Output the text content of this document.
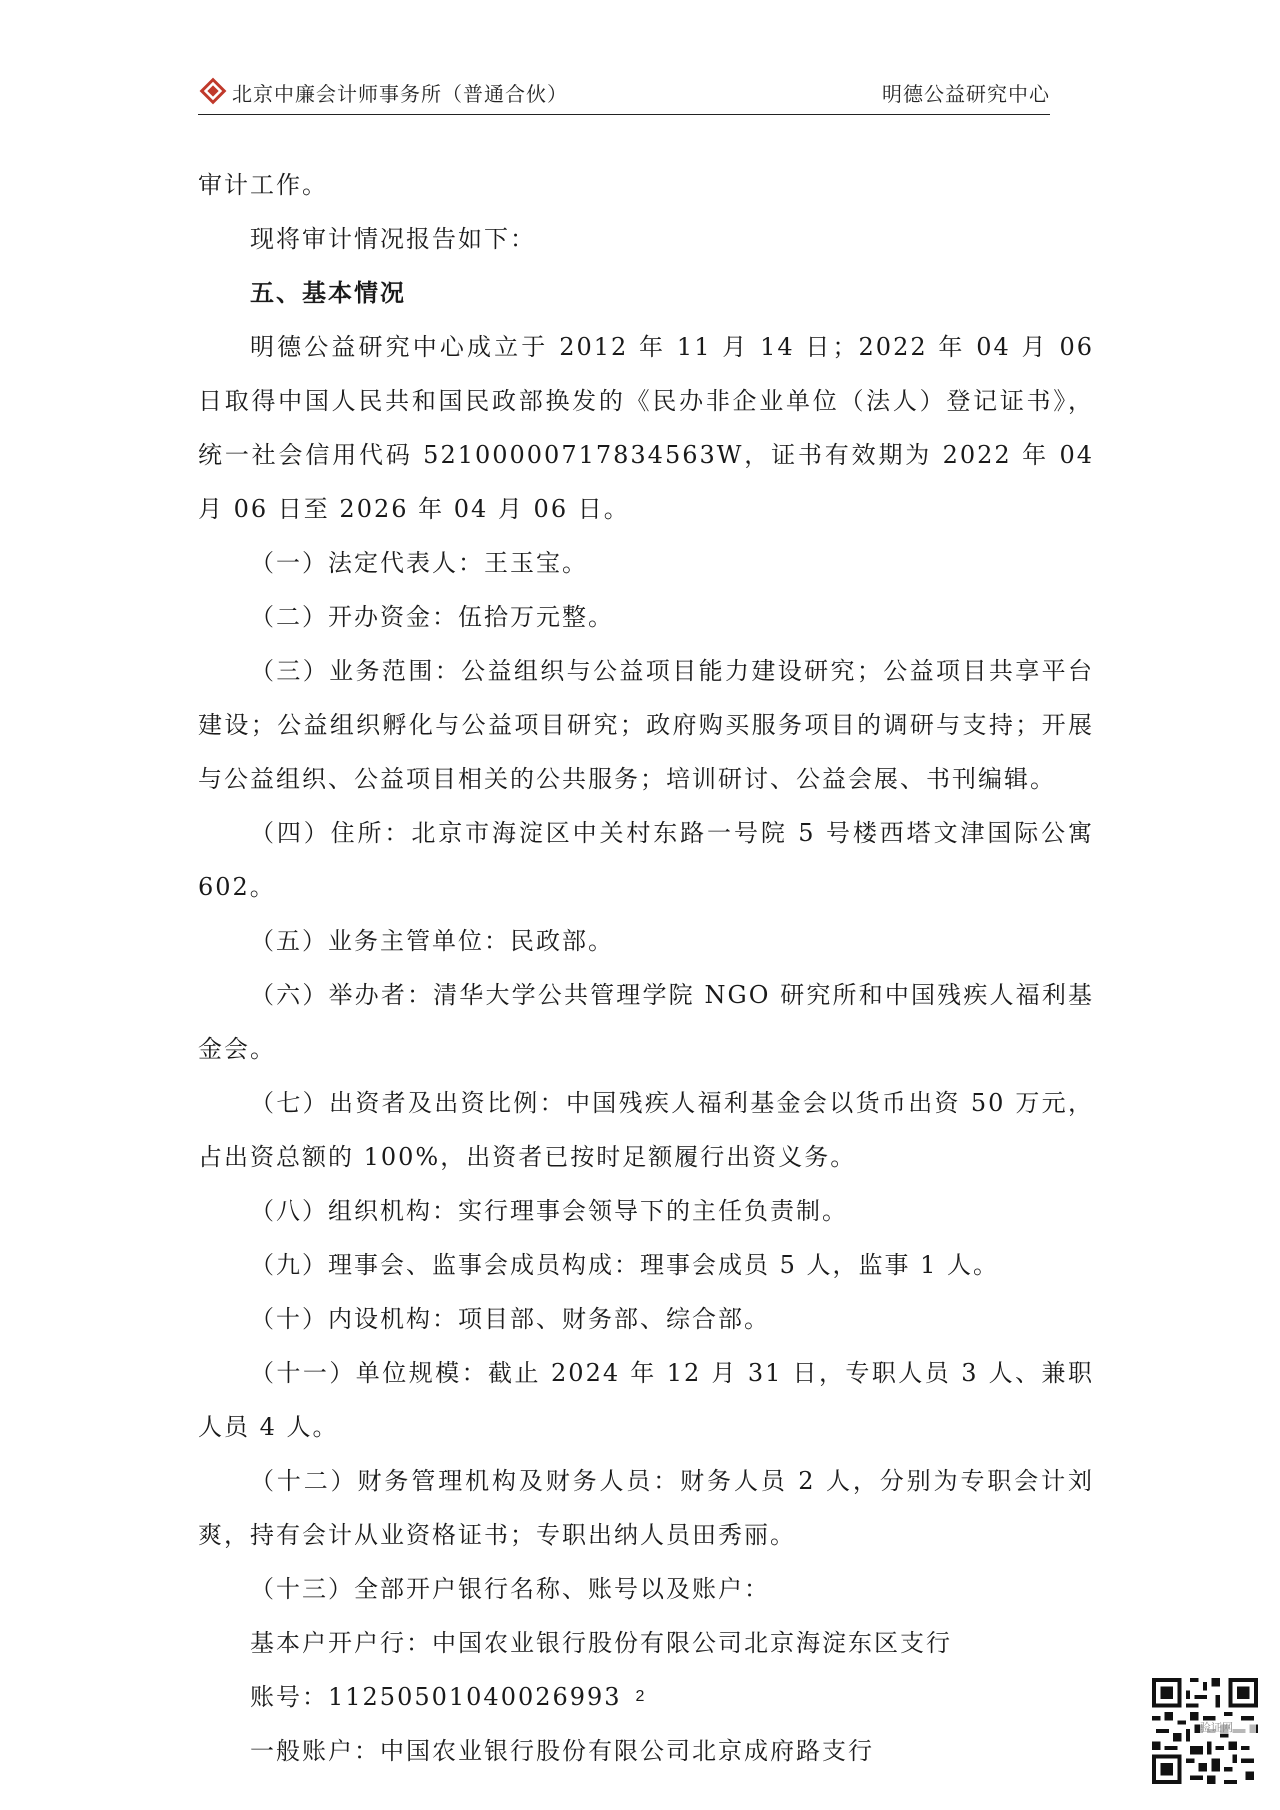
北京中廉会计师事务所（普通合伙）	明德公益研究中心

审计工作。

现将审计情况报告如下：

五、基本情况

明德公益研究中心成立于 2012 年 11 月 14 日；2022 年 04 月 06 日取得中国人民共和国民政部换发的《民办非企业单位（法人）登记证书》，统一社会信用代码 52100000717834563W，证书有效期为 2022 年 04 月 06 日至 2026 年 04 月 06 日。

（一）法定代表人：王玉宝。

（二）开办资金：伍拾万元整。

（三）业务范围：公益组织与公益项目能力建设研究；公益项目共享平台建设；公益组织孵化与公益项目研究；政府购买服务项目的调研与支持；开展与公益组织、公益项目相关的公共服务；培训研讨、公益会展、书刊编辑。

（四）住所：北京市海淀区中关村东路一号院 5 号楼西塔文津国际公寓 602。

（五）业务主管单位：民政部。

（六）举办者：清华大学公共管理学院 NGO 研究所和中国残疾人福利基金会。

（七）出资者及出资比例：中国残疾人福利基金会以货币出资 50 万元，占出资总额的 100%，出资者已按时足额履行出资义务。

（八）组织机构：实行理事会领导下的主任负责制。

（九）理事会、监事会成员构成：理事会成员 5 人，监事 1 人。

（十）内设机构：项目部、财务部、综合部。

（十一）单位规模：截止 2024 年 12 月 31 日，专职人员 3 人、兼职人员 4 人。

（十二）财务管理机构及财务人员：财务人员 2 人，分别为专职会计刘爽，持有会计从业资格证书；专职出纳人员田秀丽。

（十三）全部开户银行名称、账号以及账户：

基本户开户行：中国农业银行股份有限公司北京海淀东区支行

账号：11250501040026993

一般账户：中国农业银行股份有限公司北京成府路支行

2
验证网
